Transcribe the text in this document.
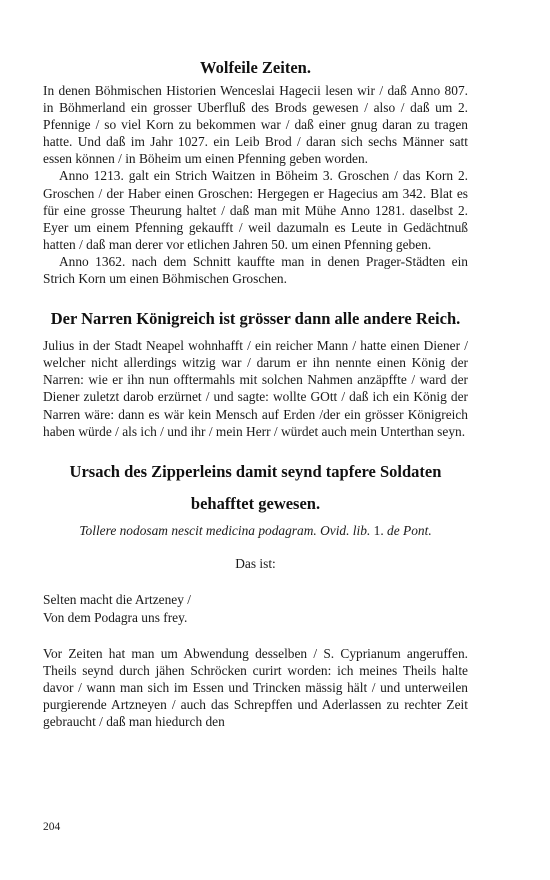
Wolfeile Zeiten.

In denen Böhmischen Historien Wenceslai Hagecii lesen wir / daß Anno 807. in Böhmerland ein grosser Uberfluß des Brods gewesen / also / daß um 2. Pfennige / so viel Korn zu bekommen war / daß einer gnug daran zu tragen hatte. Und daß im Jahr 1027. ein Leib Brod / daran sich sechs Männer satt essen können / in Böheim um einen Pfenning geben worden.

Anno 1213. galt ein Strich Waitzen in Böheim 3. Groschen / das Korn 2. Groschen / der Haber einen Groschen: Hergegen er Hagecius am 342. Blat es für eine grosse Theurung haltet / daß man mit Mühe Anno 1281. daselbst 2. Eyer um einem Pfenning gekaufft / weil dazumaln es Leute in Gedächtnuß hatten / daß man derer vor etlichen Jahren 50. um einen Pfenning geben.

Anno 1362. nach dem Schnitt kauffte man in denen Prager-Städten ein Strich Korn um einen Böhmischen Groschen.

Der Narren Königreich ist grösser dann alle andere Reich.

Julius in der Stadt Neapel wohnhafft / ein reicher Mann / hatte einen Diener / welcher nicht allerdings witzig war / darum er ihn nennte einen König der Narren: wie er ihn nun offtermahls mit solchen Nahmen anzäpffte / ward der Diener zuletzt darob erzürnet / und sagte: wollte GOtt / daß ich ein König der Narren wäre: dann es wär kein Mensch auf Erden /der ein grösser Königreich haben würde / als ich / und ihr / mein Herr / würdet auch mein Unterthan seyn.

Ursach des Zipperleins damit seynd tapfere Soldaten behafftet gewesen.
Tollere nodosam nescit medicina podagram. Ovid. lib. 1. de Pont.
Das ist:
Selten macht die Artzeney /
Von dem Podagra uns frey.

Vor Zeiten hat man um Abwendung desselben / S. Cyprianum angeruffen. Theils seynd durch jähen Schröcken curirt worden: ich meines Theils halte davor / wann man sich im Essen und Trincken mässig hält / und unterweilen purgierende Artzneyen / auch das Schrepffen und Aderlassen zu rechter Zeit gebraucht / daß man hiedurch den

204
